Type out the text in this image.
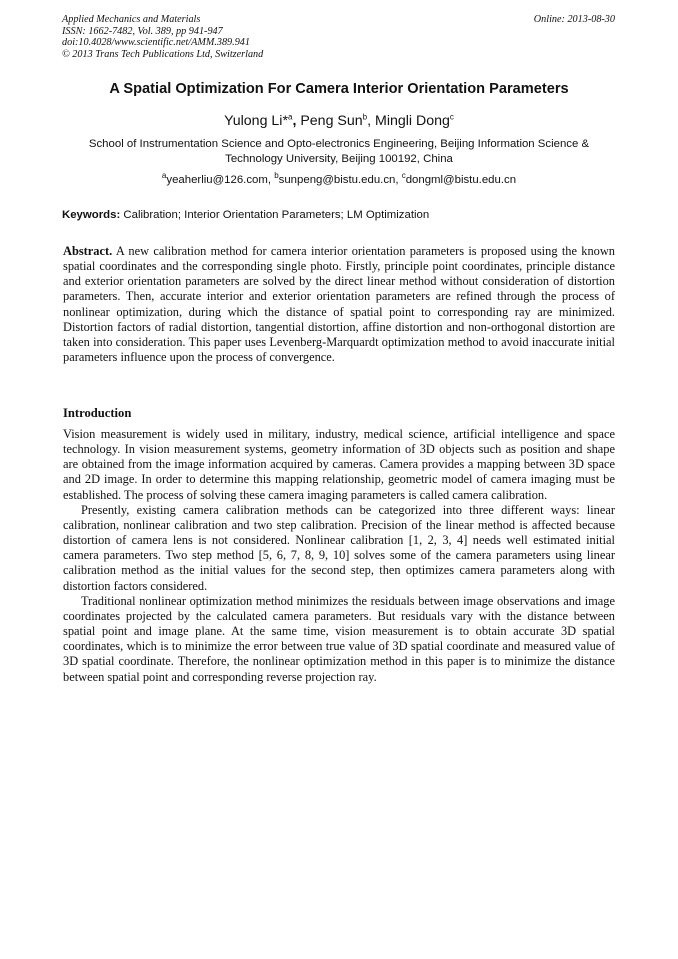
Applied Mechanics and Materials
ISSN: 1662-7482, Vol. 389, pp 941-947
doi:10.4028/www.scientific.net/AMM.389.941
© 2013 Trans Tech Publications Ltd, Switzerland
Online: 2013-08-30
A Spatial Optimization For Camera Interior Orientation Parameters
Yulong Li*$^a$, Peng Sun$^b$, Mingli Dong$^c$
School of Instrumentation Science and Opto-electronics Engineering, Beijing Information Science & Technology University, Beijing 100192, China
$^a$yeaherliu@126.com, $^b$sunpeng@bistu.edu.cn, $^c$dongml@bistu.edu.cn
Keywords: Calibration; Interior Orientation Parameters; LM Optimization

Abstract. A new calibration method for camera interior orientation parameters is proposed using the known spatial coordinates and the corresponding single photo. Firstly, principle point coordinates, principle distance and exterior orientation parameters are solved by the direct linear method without consideration of distortion parameters. Then, accurate interior and exterior orientation parameters are refined through the process of nonlinear optimization, during which the distance of spatial point to corresponding ray are minimized. Distortion factors of radial distortion, tangential distortion, affine distortion and non-orthogonal distortion are taken into consideration. This paper uses Levenberg-Marquardt optimization method to avoid inaccurate initial parameters influence upon the process of convergence.

Introduction

Vision measurement is widely used in military, industry, medical science, artificial intelligence and space technology. In vision measurement systems, geometry information of 3D objects such as position and shape are obtained from the image information acquired by cameras. Camera provides a mapping between 3D space and 2D image. In order to determine this mapping relationship, geometric model of camera imaging must be established. The process of solving these camera imaging parameters is called camera calibration.

Presently, existing camera calibration methods can be categorized into three different ways: linear calibration, nonlinear calibration and two step calibration. Precision of the linear method is affected because distortion of camera lens is not considered. Nonlinear calibration [1, 2, 3, 4] needs well estimated initial camera parameters. Two step method [5, 6, 7, 8, 9, 10] solves some of the camera parameters using linear calibration method as the initial values for the second step, then optimizes camera parameters along with distortion factors considered.

Traditional nonlinear optimization method minimizes the residuals between image observations and image coordinates projected by the calculated camera parameters. But residuals vary with the distance between spatial point and image plane. At the same time, vision measurement is to obtain accurate 3D spatial coordinates, which is to minimize the error between true value of 3D spatial coordinate and measured value of 3D spatial coordinate. Therefore, the nonlinear optimization method in this paper is to minimize the distance between spatial point and corresponding reverse projection ray.
